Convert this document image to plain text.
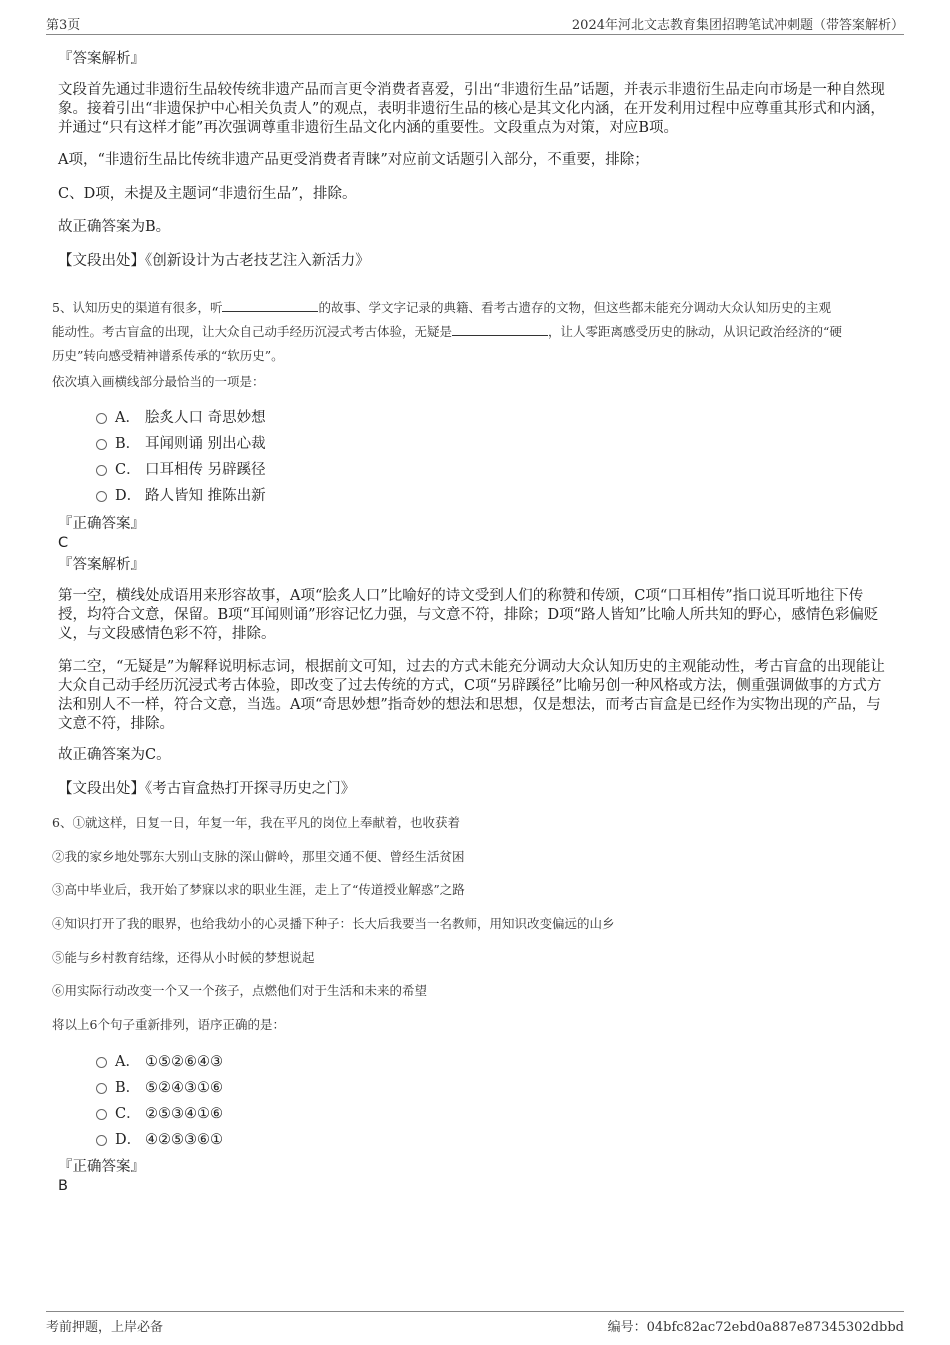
第3页	2024年河北文志教育集团招聘笔试冲刺题（带答案解析）
『答案解析』
文段首先通过非遗衍生品较传统非遗产品而言更令消费者喜爱，引出“非遗衍生品”话题，并表示非遗衍生品走向市场是一种自然现象。接着引出“非遗保护中心相关负责人”的观点，表明非遗衍生品的核心是其文化内涵，在开发利用过程中应尊重其形式和内涵，并通过“只有这样才能”再次强调尊重非遗衍生品文化内涵的重要性。文段重点为对策，对应B项。
A项，“非遗衍生品比传统非遗产品更受消费者青睐”对应前文话题引入部分，不重要，排除；
C、D项，未提及主题词“非遗衍生品”，排除。
故正确答案为B。
【文段出处】《创新设计为古老技艺注入新活力》
5、认知历史的渠道有很多，听	的故事、学文字记录的典籍、看考古遗存的文物，但这些都未能充分调动大众认知历史的主观
能动性。考古盲盒的出现，让大众自己动手经历沉浸式考古体验，无疑是	，让人零距离感受历史的脉动，从识记政治经济的“硬
历史”转向感受精神谱系传承的“软历史”。
依次填入画横线部分最恰当的一项是：
A． 脍炙人口 奇思妙想
B． 耳闻则诵 别出心裁
C． 口耳相传 另辟蹊径
D． 路人皆知 推陈出新
『正确答案』
C
『答案解析』
第一空，横线处成语用来形容故事，A项“脍炙人口”比喻好的诗文受到人们的称赞和传颂，C项“口耳相传”指口说耳听地往下传授，均符合文意，保留。B项“耳闻则诵”形容记忆力强，与文意不符，排除；D项“路人皆知”比喻人所共知的野心，感情色彩偏贬义，与文段感情色彩不符，排除。
第二空，“无疑是”为解释说明标志词，根据前文可知，过去的方式未能充分调动大众认知历史的主观能动性，考古盲盒的出现能让大众自己动手经历沉浸式考古体验，即改变了过去传统的方式，C项“另辟蹊径”比喻另创一种风格或方法，侧重强调做事的方式方法和别人不一样，符合文意，当选。A项“奇思妙想”指奇妙的想法和思想，仅是想法，而考古盲盒是已经作为实物出现的产品，与文意不符，排除。
故正确答案为C。
【文段出处】《考古盲盒热打开探寻历史之门》
6、①就这样，日复一日，年复一年，我在平凡的岗位上奉献着，也收获着
②我的家乡地处鄂东大别山支脉的深山僻岭，那里交通不便、曾经生活贫困
③高中毕业后，我开始了梦寐以求的职业生涯，走上了“传道授业解惑”之路
④知识打开了我的眼界，也给我幼小的心灵播下种子：长大后我要当一名教师，用知识改变偏远的山乡
⑤能与乡村教育结缘，还得从小时候的梦想说起
⑥用实际行动改变一个又一个孩子，点燃他们对于生活和未来的希望
将以上6个句子重新排列，语序正确的是：
A． ①⑤②⑥④③
B． ⑤②④③①⑥
C． ②⑤③④①⑥
D． ④②⑤③⑥①
『正确答案』
B
考前押题，上岸必备	编号：04bfc82ac72ebd0a887e87345302dbbd
